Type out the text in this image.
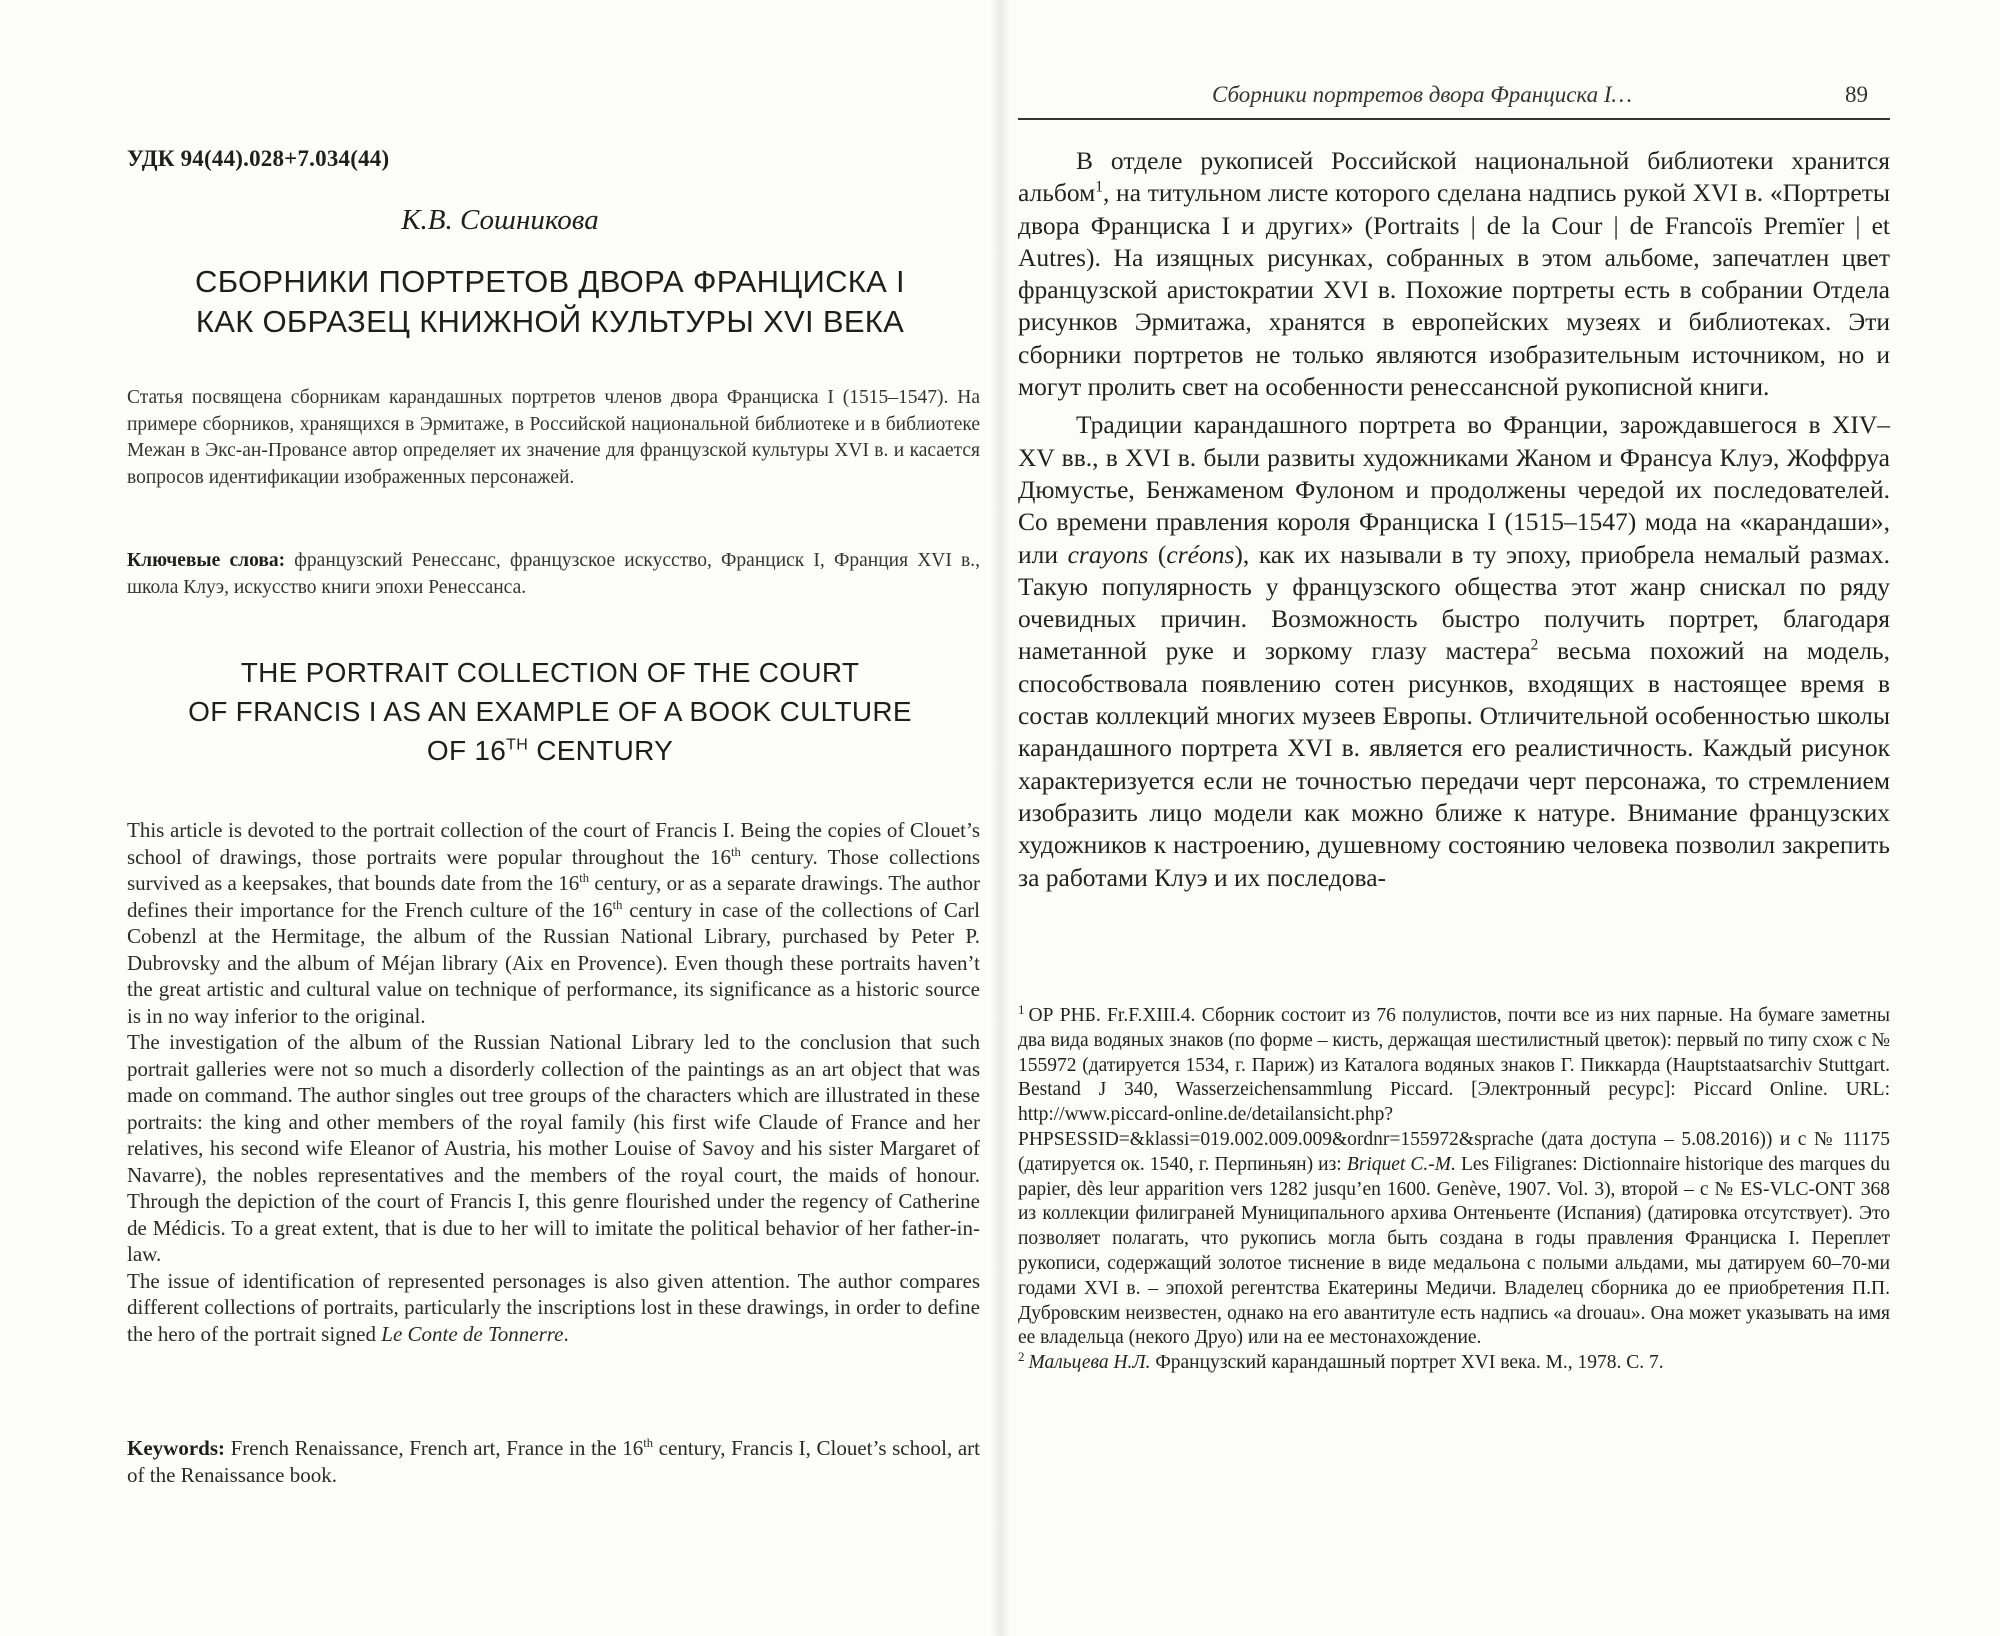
УДК 94(44).028+7.034(44)
К.В. Сошникова
СБОРНИКИ ПОРТРЕТОВ ДВОРА ФРАНЦИСКА I
КАК ОБРАЗЕЦ КНИЖНОЙ КУЛЬТУРЫ XVI ВЕКА
Статья посвящена сборникам карандашных портретов членов двора Франциска I (1515–1547). На примере сборников, хранящихся в Эрмитаже, в Российской национальной библиотеке и в библиотеке Межан в Экс-ан-Провансе автор определяет их значение для французской культуры XVI в. и касается вопросов идентификации изображенных персонажей.
Ключевые слова: французский Ренессанс, французское искусство, Франциск I, Франция XVI в., школа Клуэ, искусство книги эпохи Ренессанса.
THE PORTRAIT COLLECTION OF THE COURT
OF FRANCIS I AS AN EXAMPLE OF A BOOK CULTURE
OF 16TH CENTURY

This article is devoted to the portrait collection of the court of Francis I. Being the copies of Clouet’s school of drawings, those portraits were popular throughout the 16th century. Those collections survived as a keepsakes, that bounds date from the 16th century, or as a separate drawings. The author defines their importance for the French culture of the 16th century in case of the collections of Carl Cobenzl at the Hermitage, the album of the Russian National Library, purchased by Peter P. Dubrovsky and the album of Méjan library (Aix en Provence). Even though these portraits haven’t the great artistic and cultural value on technique of performance, its significance as a historic source is in no way inferior to the original.

The investigation of the album of the Russian National Library led to the conclusion that such portrait galleries were not so much a disorderly collection of the paintings as an art object that was made on command. The author singles out tree groups of the characters which are illustrated in these portraits: the king and other members of the royal family (his first wife Claude of France and her relatives, his second wife Eleanor of Austria, his mother Louise of Savoy and his sister Margaret of Navarre), the nobles representatives and the members of the royal court, the maids of honour. Through the depiction of the court of Francis I, this genre flourished under the regency of Catherine de Médicis. To a great extent, that is due to her will to imitate the political behavior of her father-in-law.

The issue of identification of represented personages is also given attention. The author compares different collections of portraits, particularly the inscriptions lost in these drawings, in order to define the hero of the portrait signed Le Conte de Tonnerre.

Keywords: French Renaissance, French art, France in the 16th century, Francis I, Clouet’s school, art of the Renaissance book.
Сборники портретов двора Франциска I…	89

В отделе рукописей Российской национальной библиотеки хранится альбом$^1$, на титульном листе которого сделана надпись рукой XVI в. «Портреты двора Франциска I и других» (Portraits | de la Cour | de Francoïs Premïer | et Autres). На изящных рисунках, собранных в этом альбоме, запечатлен цвет французской аристократии XVI в. Похожие портреты есть в собрании Отдела рисунков Эрмитажа, хранятся в европейских музеях и библиотеках. Эти сборники портретов не только являются изобразительным источником, но и могут пролить свет на особенности ренессансной рукописной книги.

Традиции карандашного портрета во Франции, зарождавшегося в XIV–XV вв., в XVI в. были развиты художниками Жаном и Франсуа Клуэ, Жоффруа Дюмустье, Бенжаменом Фулоном и продолжены чередой их последователей. Со времени правления короля Франциска I (1515–1547) мода на «карандаши», или crayons (créons), как их называли в ту эпоху, приобрела немалый размах. Такую популярность у французского общества этот жанр снискал по ряду очевидных причин. Возможность быстро получить портрет, благодаря наметанной руке и зоркому глазу мастера$^2$ весьма похожий на модель, способствовала появлению сотен рисунков, входящих в настоящее время в состав коллекций многих музеев Европы. Отличительной особенностью школы карандашного портрета XVI в. является его реалистичность. Каждый рисунок характеризуется если не точностью передачи черт персонажа, то стремлением изобразить лицо модели как можно ближе к натуре. Внимание французских художников к настроению, душевному состоянию человека позволил закрепить за работами Клуэ и их последова-

$^1$ ОР РНБ. Fr.F.XIII.4. Сборник состоит из 76 полулистов, почти все из них парные. На бумаге заметны два вида водяных знаков (по форме – кисть, держащая шестилистный цветок): первый по типу схож с № 155972 (датируется 1534, г. Париж) из Каталога водяных знаков Г. Пиккарда (Hauptstaatsarchiv Stuttgart. Bestand J 340, Wasserzeichensammlung Piccard. [Электронный ресурс]: Piccard Online. URL: http://www.piccard-online.de/detailansicht.php?PHPSESSID=&klassi=019.002.009.009&ordnr=155972&sprache (дата доступа – 5.08.2016)) и с № 11175 (датируется ок. 1540, г. Перпиньян) из: Briquet C.-M. Les Filigranes: Dictionnaire historique des marques du papier, dès leur apparition vers 1282 jusqu’en 1600. Genève, 1907. Vol. 3), второй – с № ES-VLC-ONT 368 из коллекции филиграней Муниципального архива Онтеньенте (Испания) (датировка отсутствует). Это позволяет полагать, что рукопись могла быть создана в годы правления Франциска I. Переплет рукописи, содержащий золотое тиснение в виде медальона с полыми альдами, мы датируем 60–70-ми годами XVI в. – эпохой регентства Екатерины Медичи. Владелец сборника до ее приобретения П.П. Дубровским неизвестен, однако на его авантитуле есть надпись «a drouau». Она может указывать на имя ее владельца (некого Друо) или на ее местонахождение.

$^2$ Мальцева Н.Л. Французский карандашный портрет XVI века. М., 1978. С. 7.
